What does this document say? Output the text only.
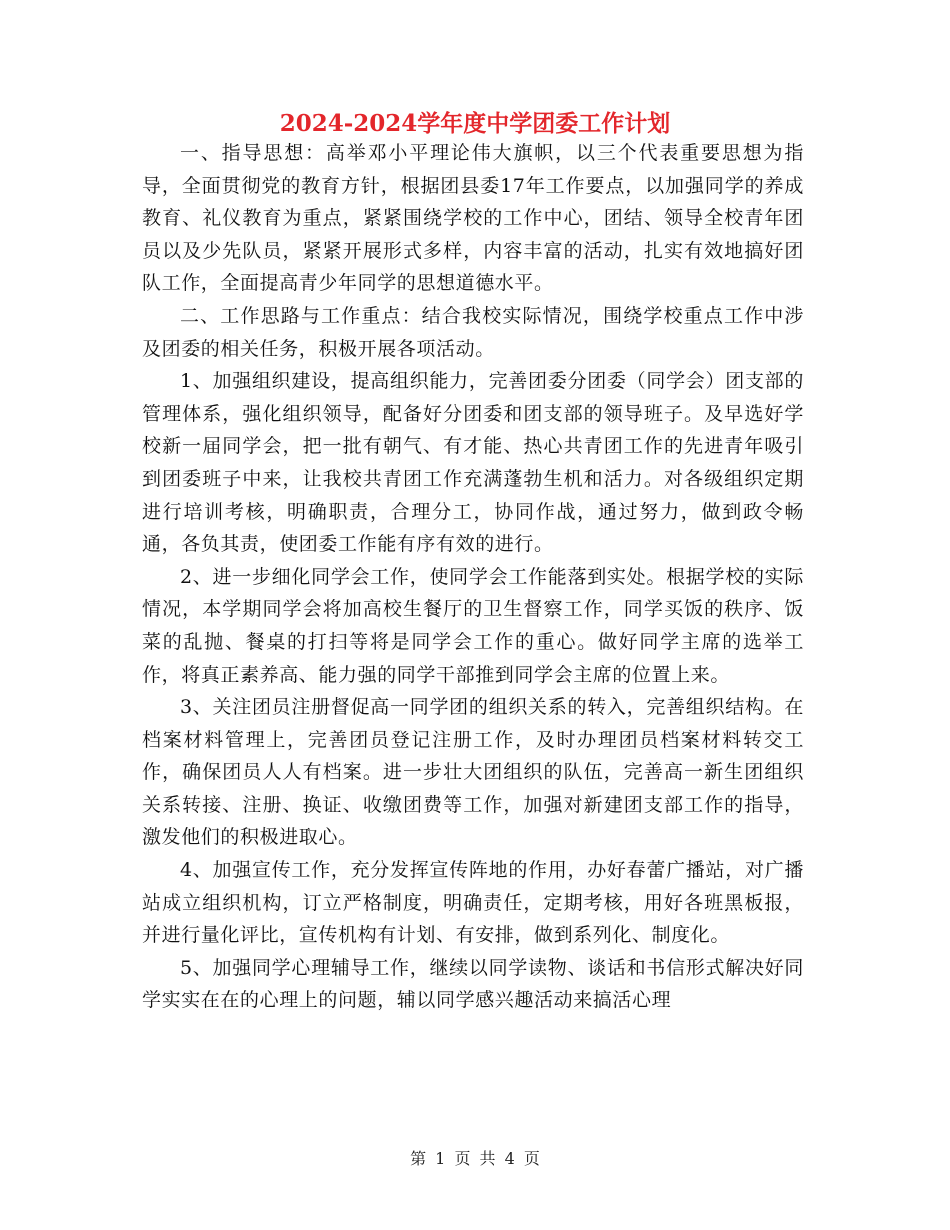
2024-2024学年度中学团委工作计划

一、指导思想：高举邓小平理论伟大旗帜，以三个代表重要思想为指导，全面贯彻党的教育方针，根据团县委17年工作要点，以加强同学的养成教育、礼仪教育为重点，紧紧围绕学校的工作中心，团结、领导全校青年团员以及少先队员，紧紧开展形式多样，内容丰富的活动，扎实有效地搞好团队工作，全面提高青少年同学的思想道德水平。

二、工作思路与工作重点：结合我校实际情况，围绕学校重点工作中涉及团委的相关任务，积极开展各项活动。

1、加强组织建设，提高组织能力，完善团委分团委（同学会）团支部的管理体系，强化组织领导，配备好分团委和团支部的领导班子。及早选好学校新一届同学会，把一批有朝气、有才能、热心共青团工作的先进青年吸引到团委班子中来，让我校共青团工作充满蓬勃生机和活力。对各级组织定期进行培训考核，明确职责，合理分工，协同作战，通过努力，做到政令畅通，各负其责，使团委工作能有序有效的进行。

2、进一步细化同学会工作，使同学会工作能落到实处。根据学校的实际情况，本学期同学会将加高校生餐厅的卫生督察工作，同学买饭的秩序、饭菜的乱抛、餐桌的打扫等将是同学会工作的重心。做好同学主席的选举工作，将真正素养高、能力强的同学干部推到同学会主席的位置上来。

3、关注团员注册督促高一同学团的组织关系的转入，完善组织结构。在档案材料管理上，完善团员登记注册工作，及时办理团员档案材料转交工作，确保团员人人有档案。进一步壮大团组织的队伍，完善高一新生团组织关系转接、注册、换证、收缴团费等工作，加强对新建团支部工作的指导，激发他们的积极进取心。

4、加强宣传工作，充分发挥宣传阵地的作用，办好春蕾广播站，对广播站成立组织机构，订立严格制度，明确责任，定期考核，用好各班黑板报，并进行量化评比，宣传机构有计划、有安排，做到系列化、制度化。

5、加强同学心理辅导工作，继续以同学读物、谈话和书信形式解决好同学实实在在的心理上的问题，辅以同学感兴趣活动来搞活心理

第 1 页 共 4 页
